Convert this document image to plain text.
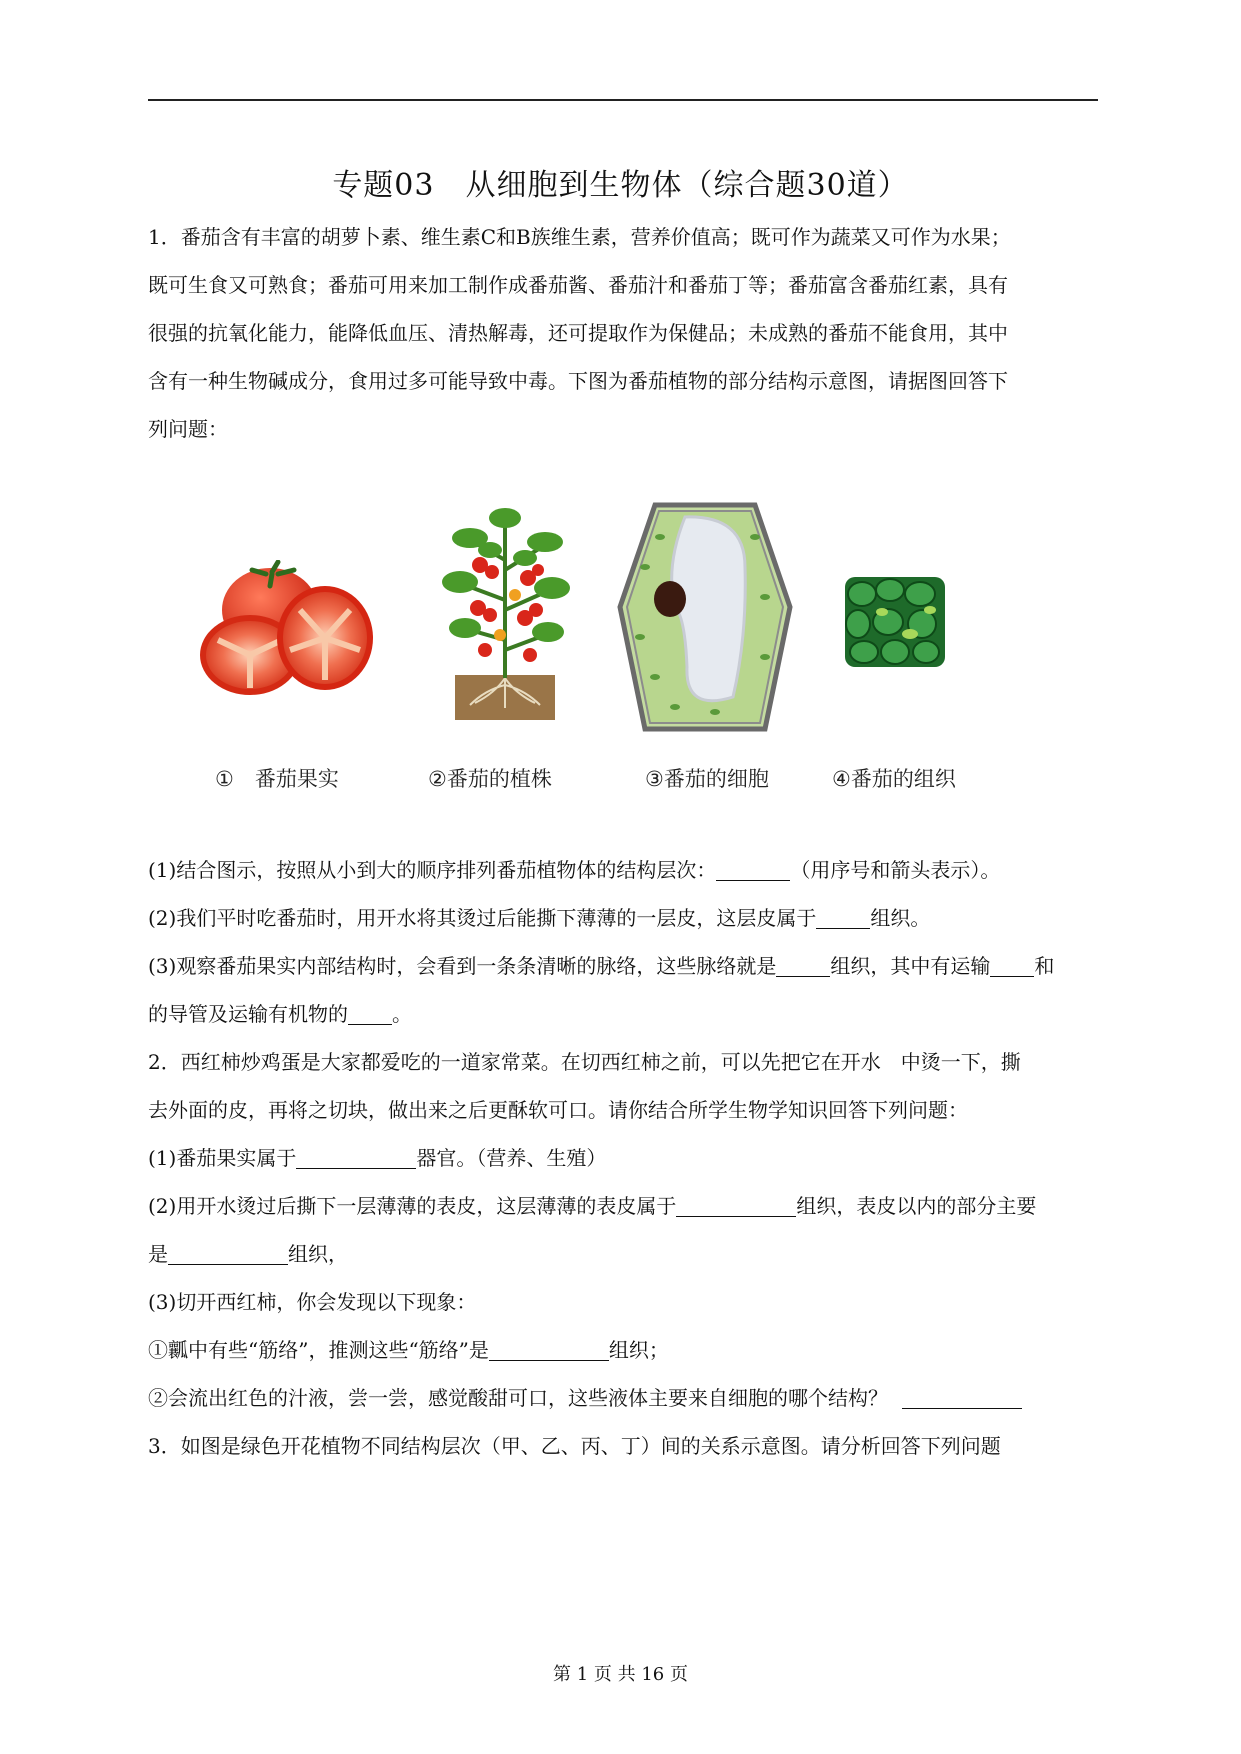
专题03　从细胞到生物体（综合题30道）
1．番茄含有丰富的胡萝卜素、维生素C和B族维生素，营养价值高；既可作为蔬菜又可作为水果；
既可生食又可熟食；番茄可用来加工制作成番茄酱、番茄汁和番茄丁等；番茄富含番茄红素，具有
很强的抗氧化能力，能降低血压、清热解毒，还可提取作为保健品；未成熟的番茄不能食用，其中
含有一种生物碱成分，食用过多可能导致中毒。下图为番茄植物的部分结构示意图，请据图回答下
列问题：
①　番茄果实	②番茄的植株	③番茄的细胞	④番茄的组织
(1)结合图示，按照从小到大的顺序排列番茄植物体的结构层次：	（用序号和箭头表示）。
(2)我们平时吃番茄时，用开水将其烫过后能撕下薄薄的一层皮，这层皮属于	组织。
(3)观察番茄果实内部结构时，会看到一条条清晰的脉络，这些脉络就是	组织，其中有运输 和
的导管及运输有机物的 。
2．西红柿炒鸡蛋是大家都爱吃的一道家常菜。在切西红柿之前，可以先把它在开水　中烫一下，撕
去外面的皮，再将之切块，做出来之后更酥软可口。请你结合所学生物学知识回答下列问题：
(1)番茄果实属于	器官。（营养、生殖）
(2)用开水烫过后撕下一层薄薄的表皮，这层薄薄的表皮属于	组织，表皮以内的部分主要
是	组织，
(3)切开西红柿，你会发现以下现象：
①瓤中有些“筋络”，推测这些“筋络”是	组织；
②会流出红色的汁液，尝一尝，感觉酸甜可口，这些液体主要来自细胞的哪个结构？
3．如图是绿色开花植物不同结构层次（甲、乙、丙、丁）间的关系示意图。请分析回答下列问题
第 1 页 共 16 页
